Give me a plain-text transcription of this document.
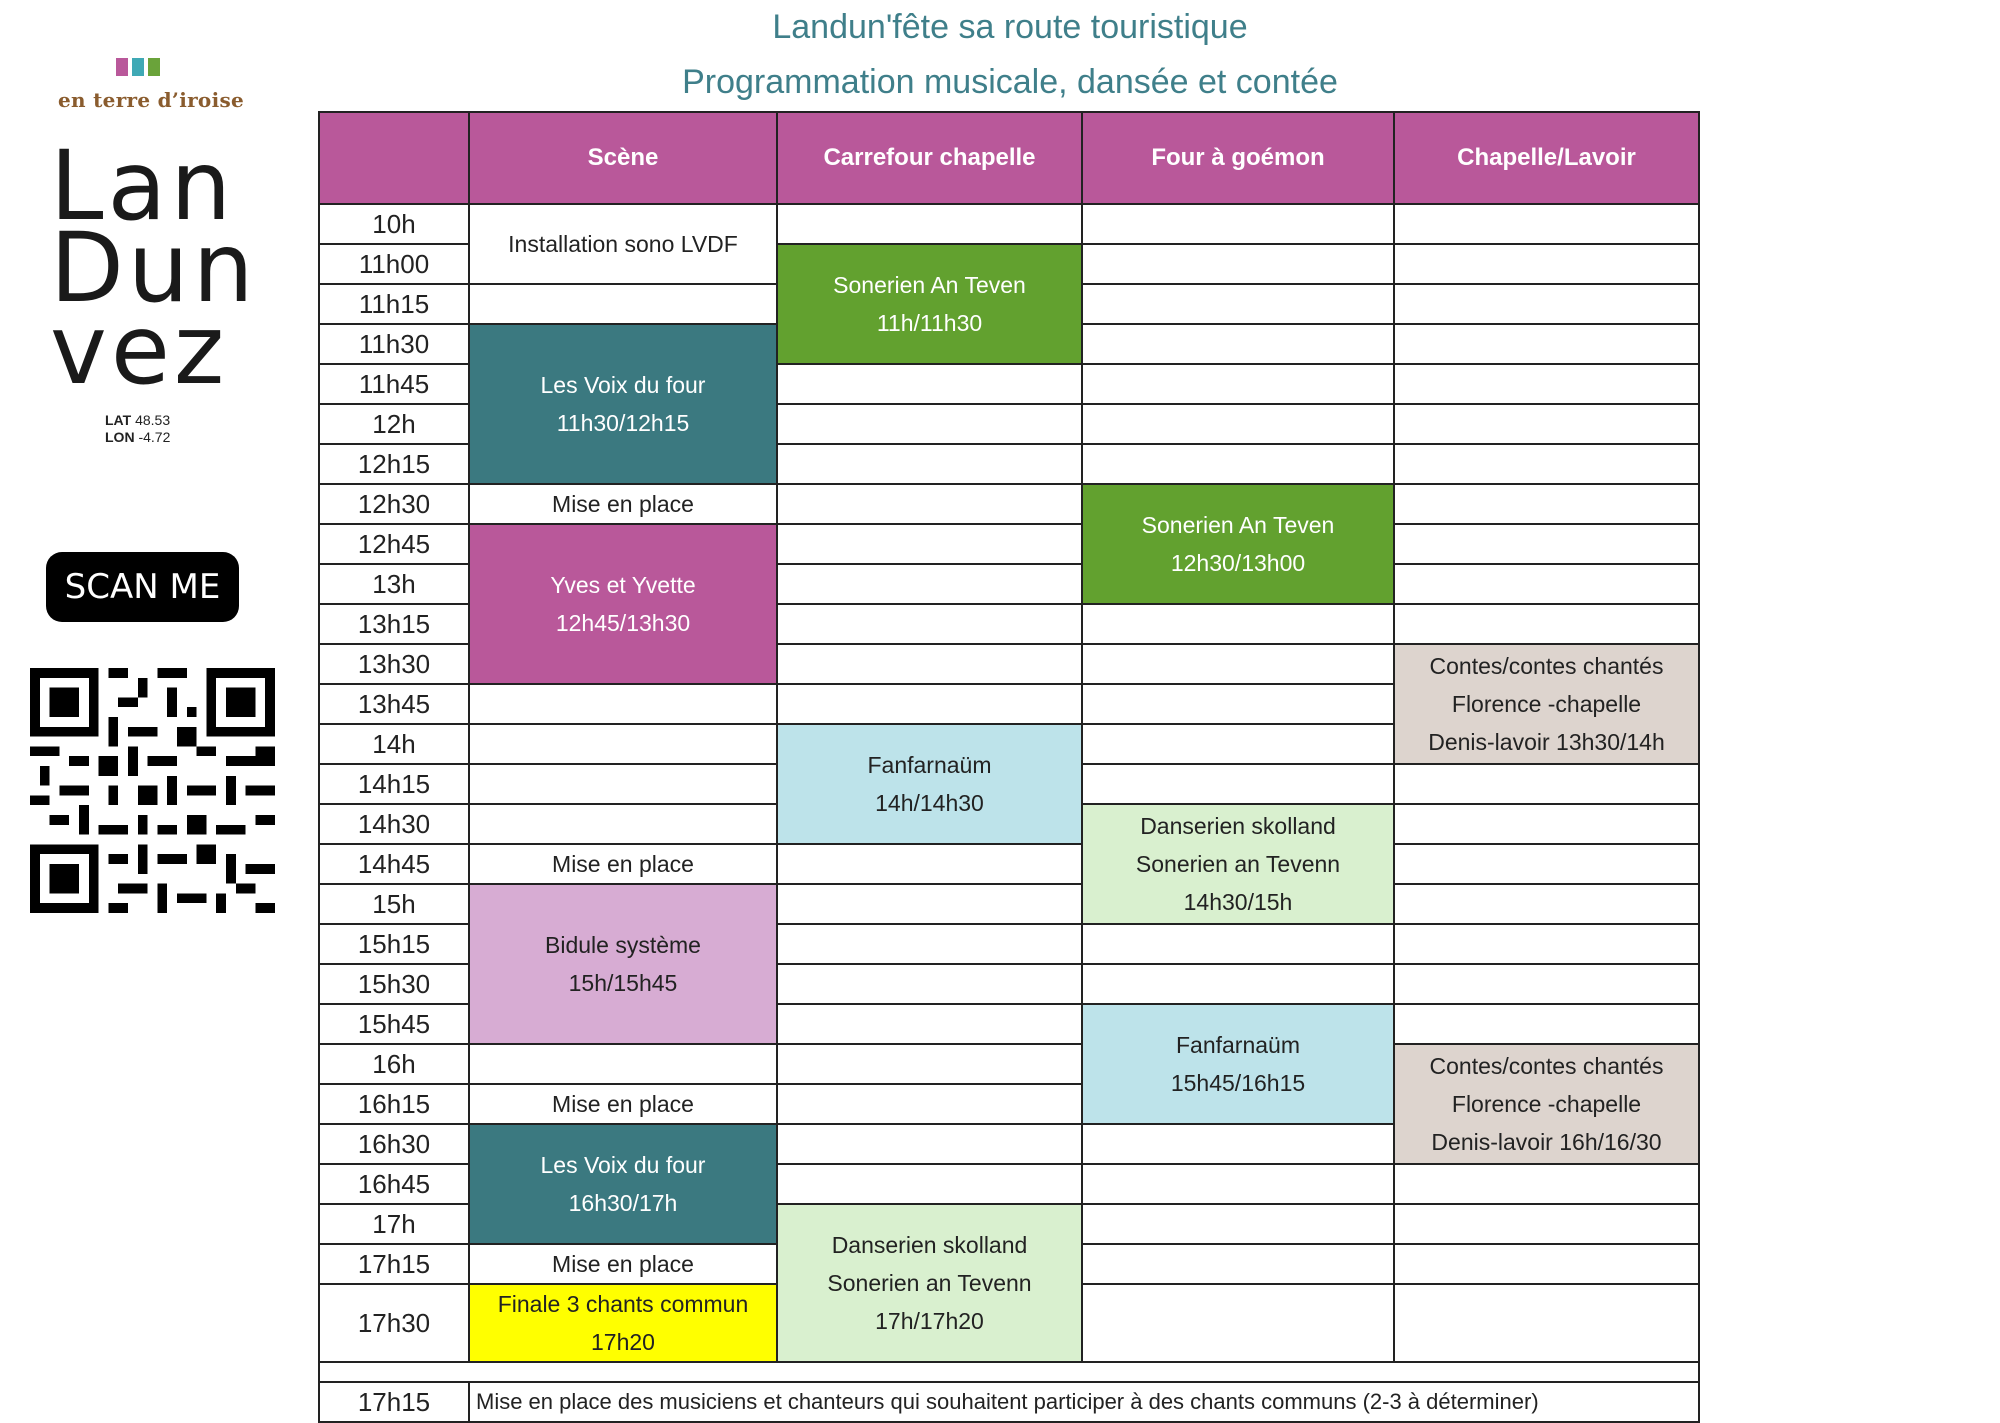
en terre d’iroise
Lan
Dun
vez
LAT 48.53
LON -4.72
SCAN ME
Landun'fête sa route touristique
Programmation musicale, dansée et contée
	Scène	Carrefour chapelle	Four à goémon	Chapelle/Lavoir
10h	Installation sono LVDF			

11h00		Sonerien An Teven
11h/11h30		

11h15				
11h30	Les Voix du four
11h30/12h15			

11h45				
12h				
12h15				
12h30	Mise en place		Sonerien An Teven
12h30/13h00	

12h45	Yves et Yvette
12h45/13h30			

13h				
13h15				
13h30				Contes/contes chantés
Florence -chapelle
Denis-lavoir 13h30/14h

13h45				
14h		Fanfarnaüm
14h/14h30		

14h15				
14h30			Danserien skolland
Sonerien an Tevenn
14h30/15h	

14h45	Mise en place			

15h	Bidule système
15h/15h45			

15h15				
15h30				
15h45			Fanfarnaüm
15h45/16h15	

16h				Contes/contes chantés
Florence -chapelle
Denis-lavoir 16h/16/30

16h15	Mise en place			

16h30	Les Voix du four
16h30/17h			

16h45				
17h		Danserien skolland
Sonerien an Tevenn
17h/17h20		

17h15	Mise en place			

17h30	Finale 3 chants commun
17h20			

17h15	Mise en place des musiciens et chanteurs qui souhaitent participer à des chants communs (2-3 à déterminer)			
